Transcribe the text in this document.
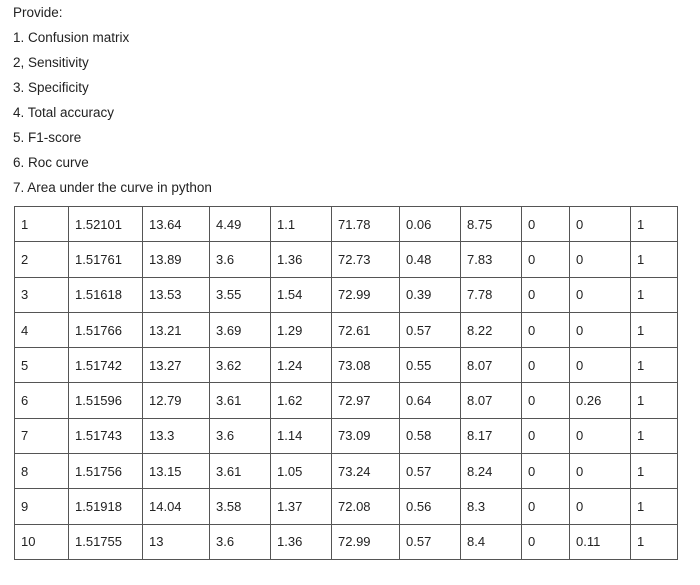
Provide:
1. Confusion matrix
2, Sensitivity
3. Specificity
4. Total accuracy
5. F1-score
6. Roc curve
7. Area under the curve in python
1	1.52101	13.64	4.49	1.1	71.78	0.06	8.75	0	0	1
2	1.51761	13.89	3.6	1.36	72.73	0.48	7.83	0	0	1
3	1.51618	13.53	3.55	1.54	72.99	0.39	7.78	0	0	1
4	1.51766	13.21	3.69	1.29	72.61	0.57	8.22	0	0	1
5	1.51742	13.27	3.62	1.24	73.08	0.55	8.07	0	0	1
6	1.51596	12.79	3.61	1.62	72.97	0.64	8.07	0	0.26	1
7	1.51743	13.3	3.6	1.14	73.09	0.58	8.17	0	0	1
8	1.51756	13.15	3.61	1.05	73.24	0.57	8.24	0	0	1
9	1.51918	14.04	3.58	1.37	72.08	0.56	8.3	0	0	1
10	1.51755	13	3.6	1.36	72.99	0.57	8.4	0	0.11	1
